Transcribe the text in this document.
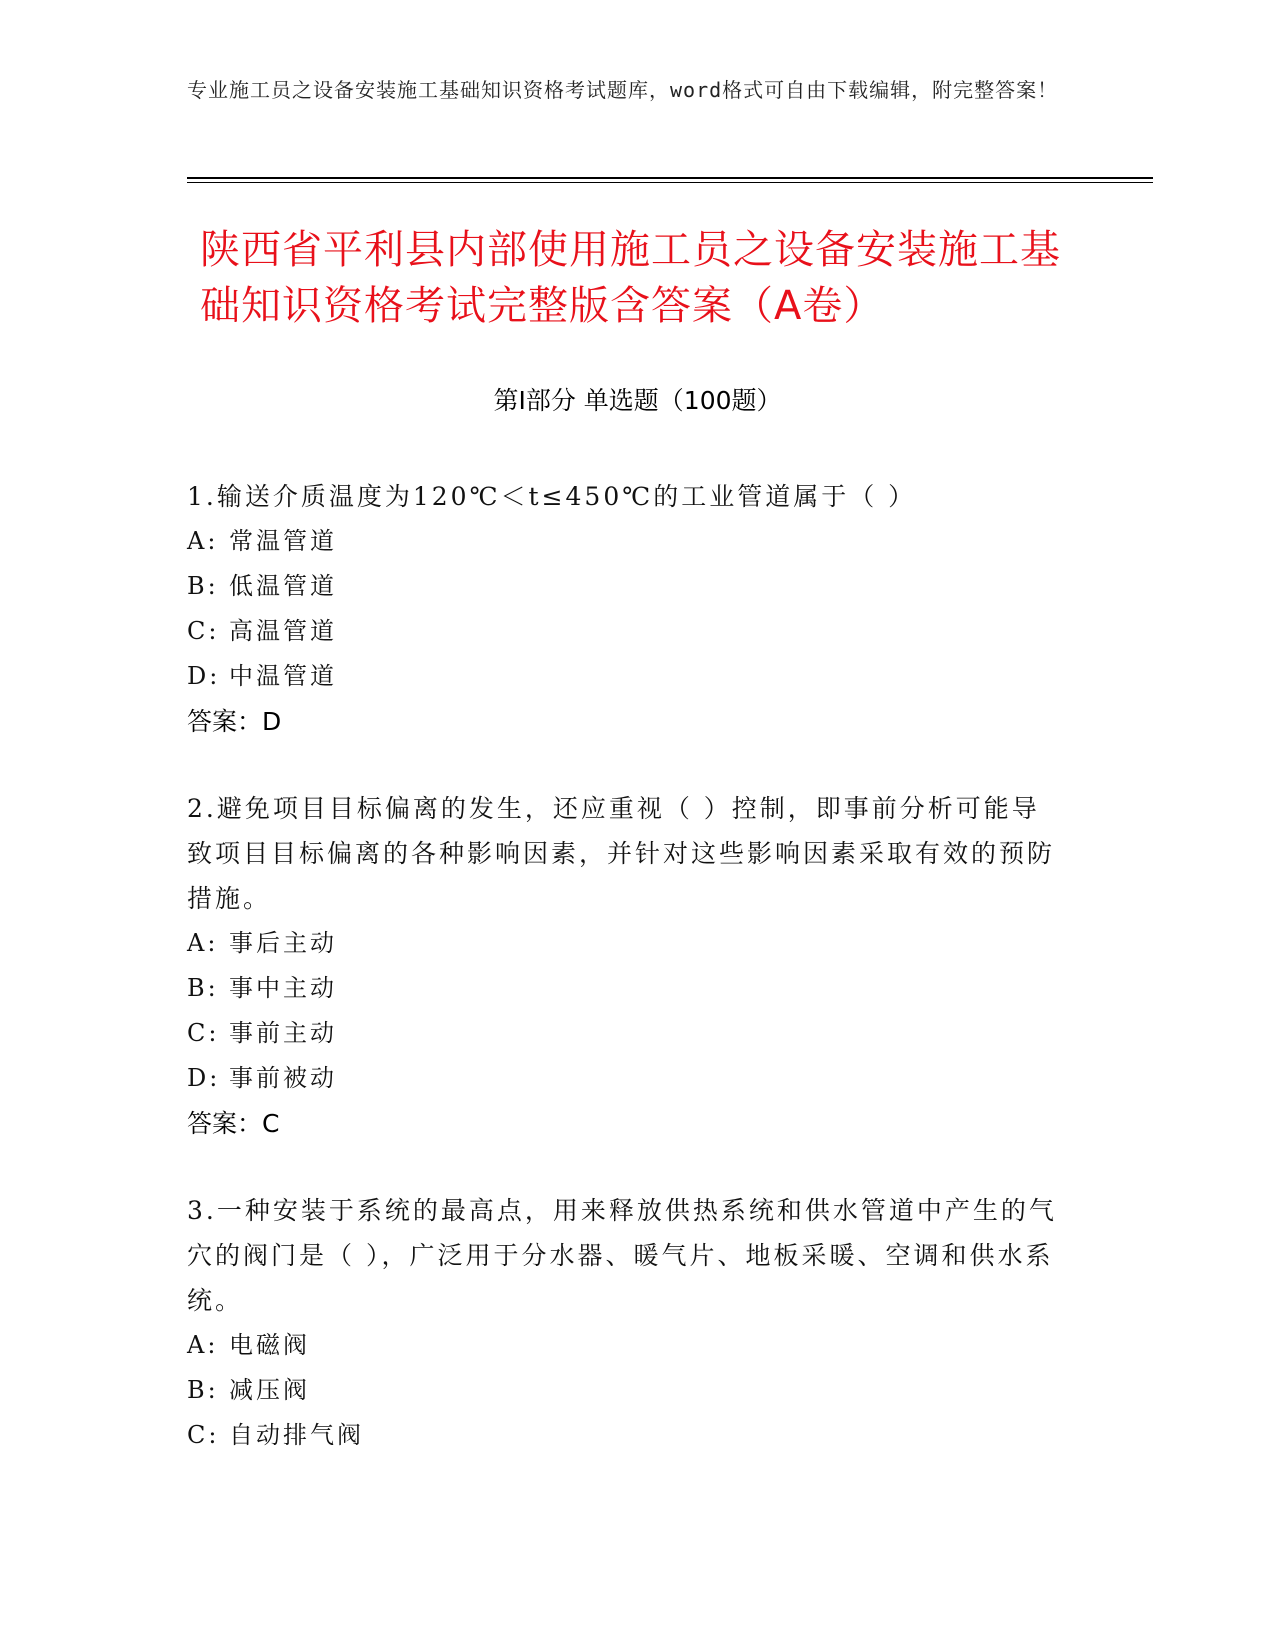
专业施工员之设备安装施工基础知识资格考试题库，word格式可自由下载编辑，附完整答案！
陕西省平利县内部使用施工员之设备安装施工基础知识资格考试完整版含答案（A卷）
第Ⅰ部分 单选题（100题）
1.输送介质温度为120℃＜t≤450℃的工业管道属于（ ）
A: 常温管道
B: 低温管道
C: 高温管道
D: 中温管道
答案：D
2.避免项目目标偏离的发生，还应重视（ ）控制，即事前分析可能导致项目目标偏离的各种影响因素，并针对这些影响因素采取有效的预防措施。
A: 事后主动
B: 事中主动
C: 事前主动
D: 事前被动
答案：C
3.一种安装于系统的最高点，用来释放供热系统和供水管道中产生的气穴的阀门是（ ），广泛用于分水器、暖气片、地板采暖、空调和供水系统。
A: 电磁阀
B: 减压阀
C: 自动排气阀
